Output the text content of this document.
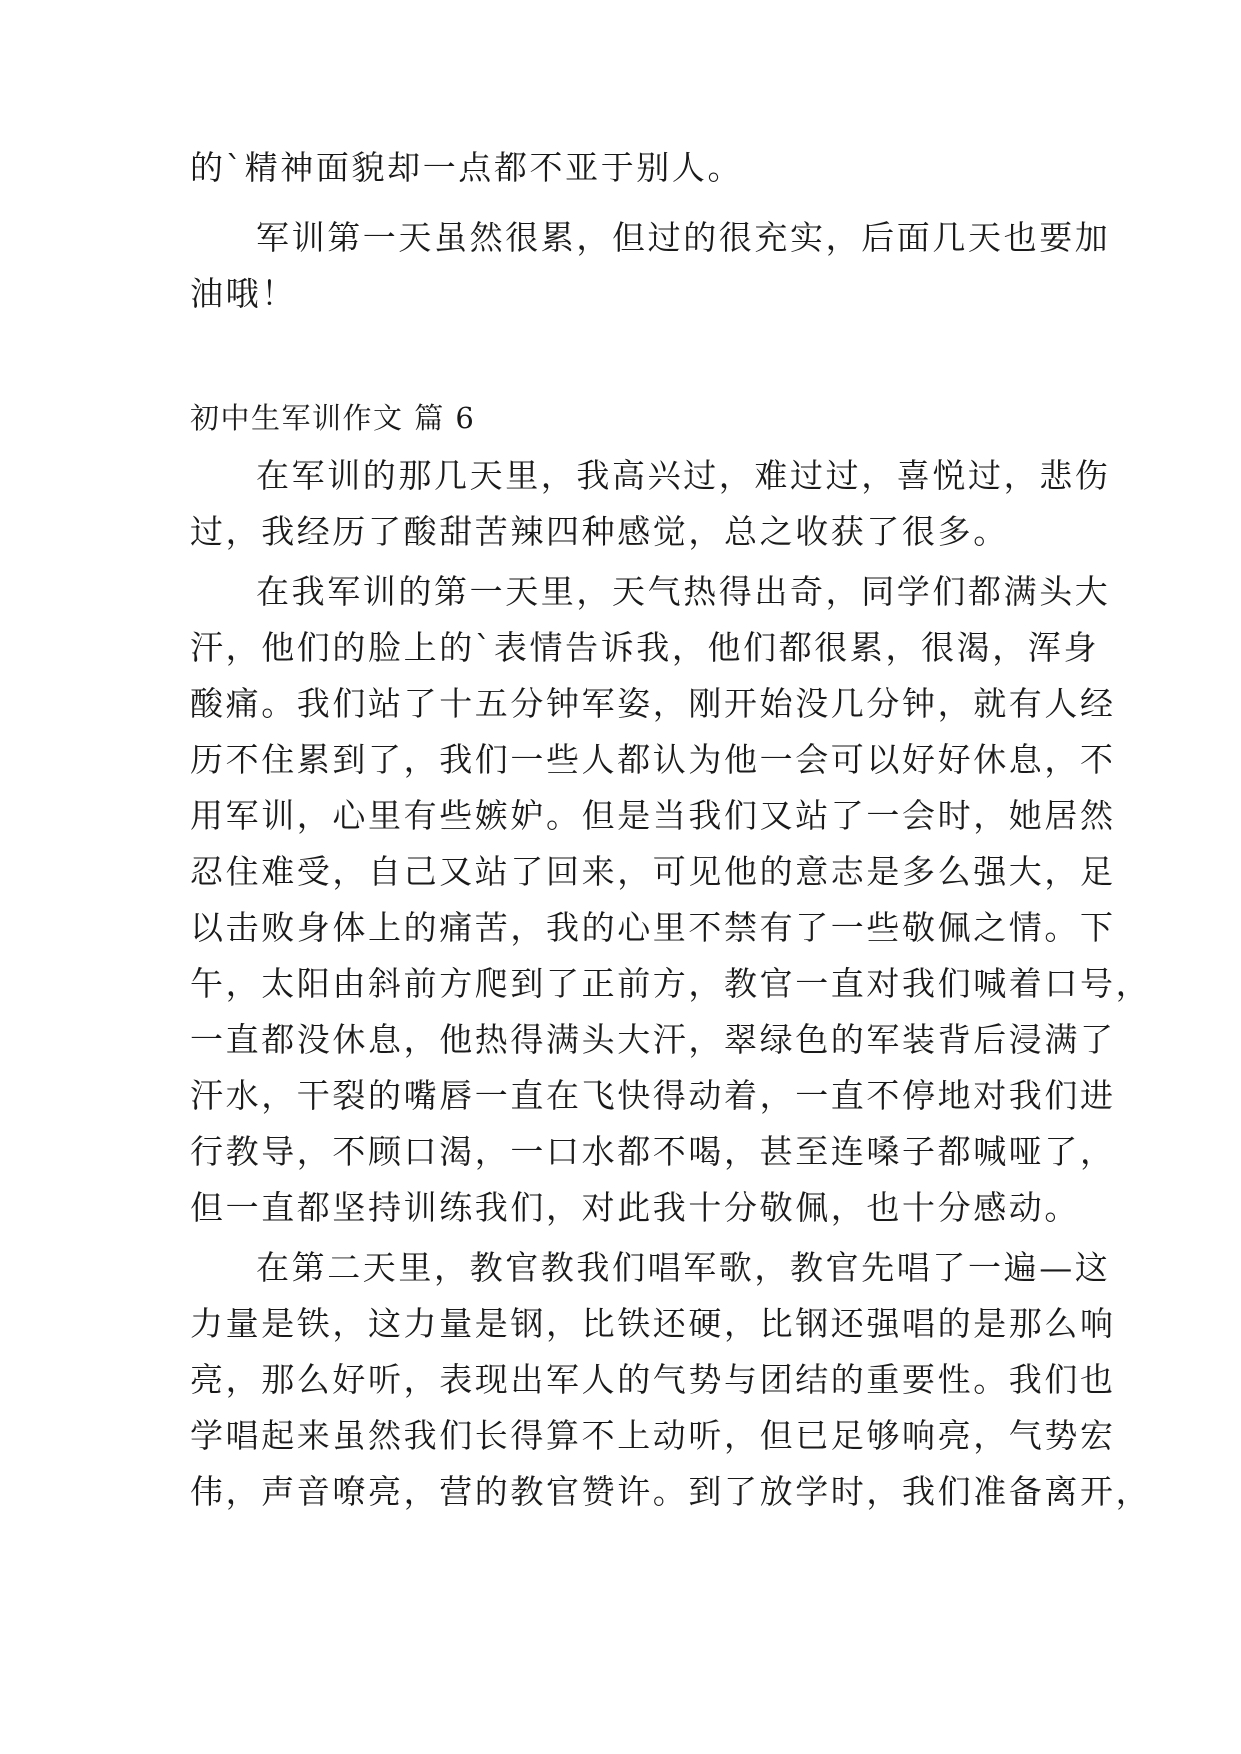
的`精神面貌却一点都不亚于别人。
军训第一天虽然很累，但过的很充实，后面几天也要加
油哦！
初中生军训作文 篇 6
在军训的那几天里，我高兴过，难过过，喜悦过，悲伤
过，我经历了酸甜苦辣四种感觉，总之收获了很多。
在我军训的第一天里，天气热得出奇，同学们都满头大
汗，他们的脸上的`表情告诉我，他们都很累，很渴，浑身
酸痛。我们站了十五分钟军姿，刚开始没几分钟，就有人经
历不住累到了，我们一些人都认为他一会可以好好休息，不
用军训，心里有些嫉妒。但是当我们又站了一会时，她居然
忍住难受，自己又站了回来，可见他的意志是多么强大，足
以击败身体上的痛苦，我的心里不禁有了一些敬佩之情。下
午，太阳由斜前方爬到了正前方，教官一直对我们喊着口号，
一直都没休息，他热得满头大汗，翠绿色的军装背后浸满了
汗水，干裂的嘴唇一直在飞快得动着，一直不停地对我们进
行教导，不顾口渴，一口水都不喝，甚至连嗓子都喊哑了，
但一直都坚持训练我们，对此我十分敬佩，也十分感动。
在第二天里，教官教我们唱军歌，教官先唱了一遍—这
力量是铁，这力量是钢，比铁还硬，比钢还强唱的是那么响
亮，那么好听，表现出军人的气势与团结的重要性。我们也
学唱起来虽然我们长得算不上动听，但已足够响亮，气势宏
伟，声音嘹亮，营的教官赞许。到了放学时，我们准备离开，
